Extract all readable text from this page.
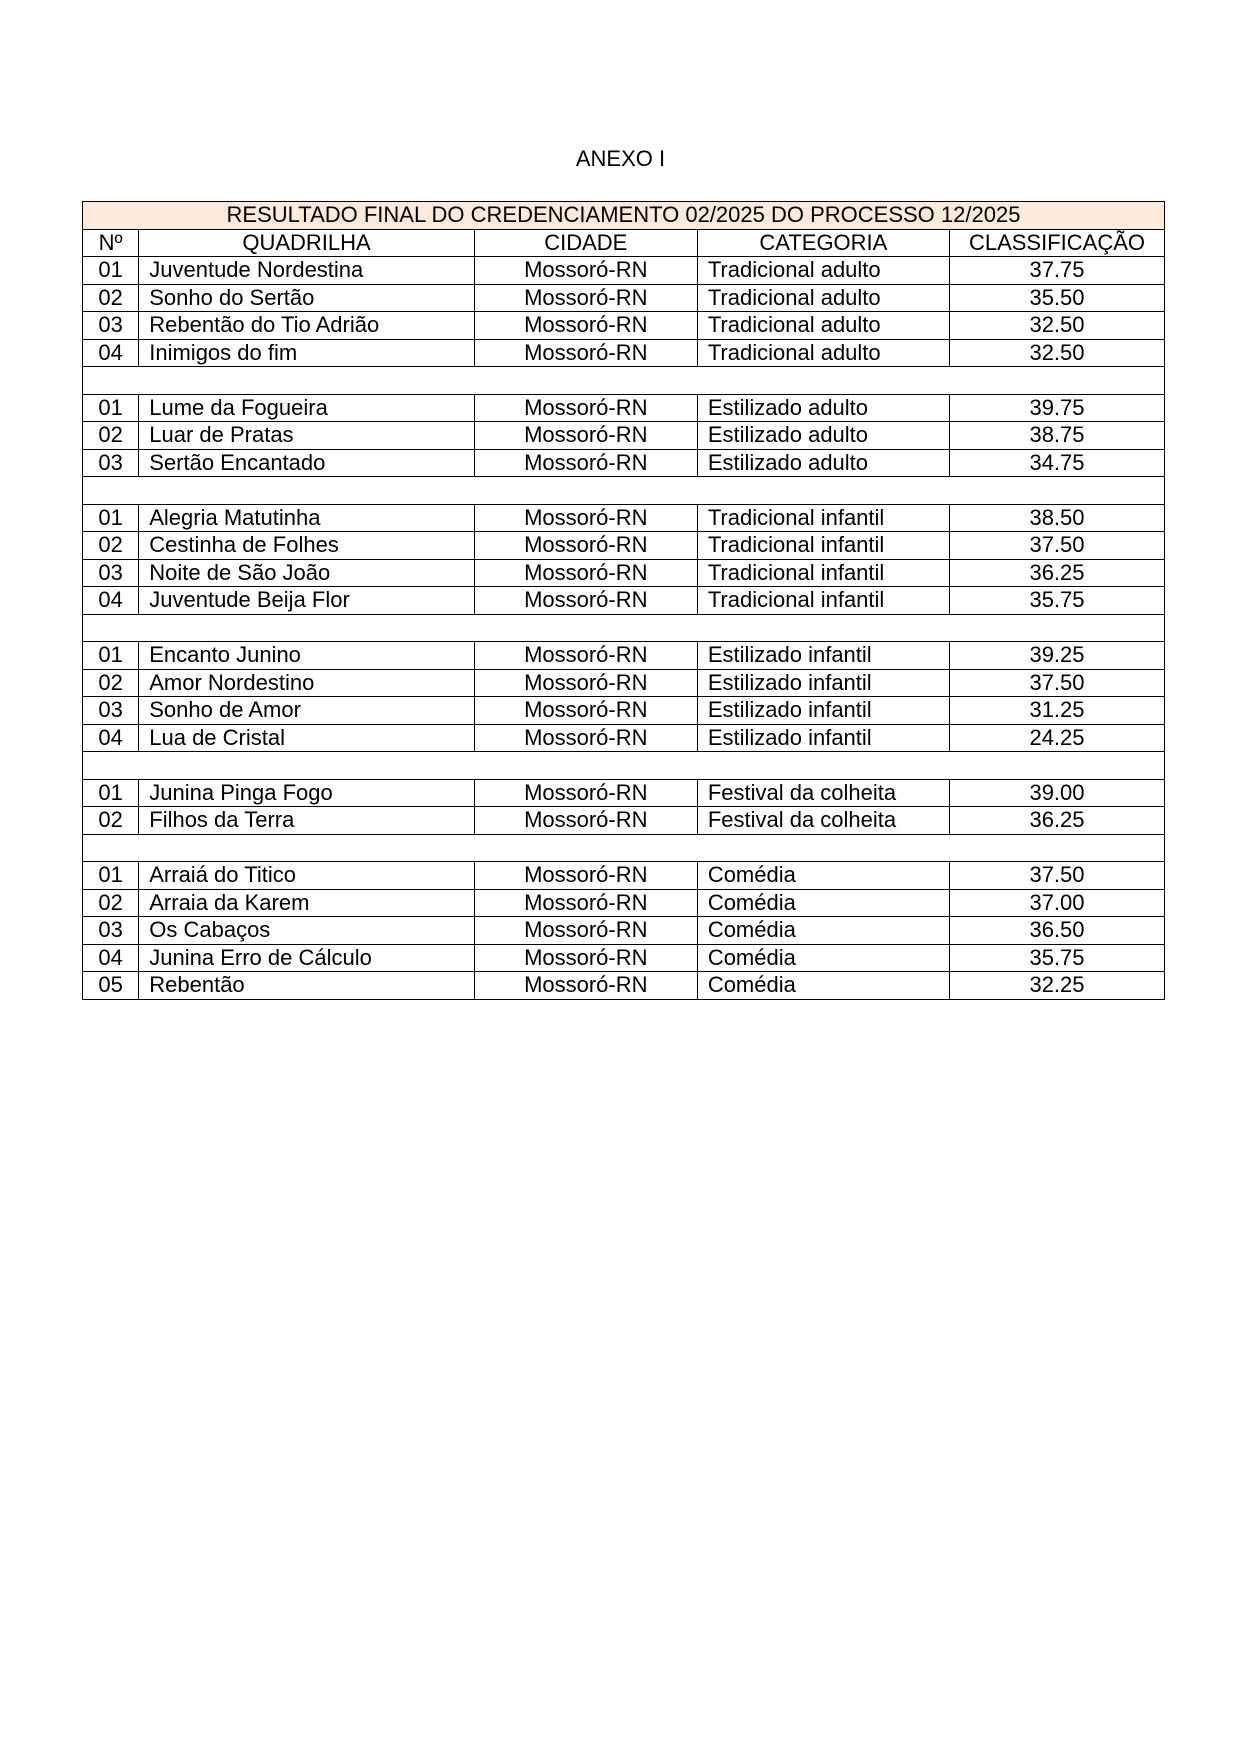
ANEXO I
RESULTADO FINAL DO CREDENCIAMENTO 02/2025 DO PROCESSO 12/2025				
Nº	QUADRILHA	CIDADE	CATEGORIA	CLASSIFICAÇÃO
01	Juventude Nordestina	Mossoró-RN	Tradicional adulto	37.75
02	Sonho do Sertão	Mossoró-RN	Tradicional adulto	35.50
03	Rebentão do Tio Adrião	Mossoró-RN	Tradicional adulto	32.50
04	Inimigos do fim	Mossoró-RN	Tradicional adulto	32.50

01	Lume da Fogueira	Mossoró-RN	Estilizado adulto	39.75
02	Luar de Pratas	Mossoró-RN	Estilizado adulto	38.75
03	Sertão Encantado	Mossoró-RN	Estilizado adulto	34.75

01	Alegria Matutinha	Mossoró-RN	Tradicional infantil	38.50
02	Cestinha de Folhes	Mossoró-RN	Tradicional infantil	37.50
03	Noite de São João	Mossoró-RN	Tradicional infantil	36.25
04	Juventude Beija Flor	Mossoró-RN	Tradicional infantil	35.75

01	Encanto Junino	Mossoró-RN	Estilizado infantil	39.25
02	Amor Nordestino	Mossoró-RN	Estilizado infantil	37.50
03	Sonho de Amor	Mossoró-RN	Estilizado infantil	31.25
04	Lua de Cristal	Mossoró-RN	Estilizado infantil	24.25

01	Junina Pinga Fogo	Mossoró-RN	Festival da colheita	39.00
02	Filhos da Terra	Mossoró-RN	Festival da colheita	36.25

01	Arraiá do Titico	Mossoró-RN	Comédia	37.50
02	Arraia da Karem	Mossoró-RN	Comédia	37.00
03	Os Cabaços	Mossoró-RN	Comédia	36.50
04	Junina Erro de Cálculo	Mossoró-RN	Comédia	35.75
05	Rebentão	Mossoró-RN	Comédia	32.25
